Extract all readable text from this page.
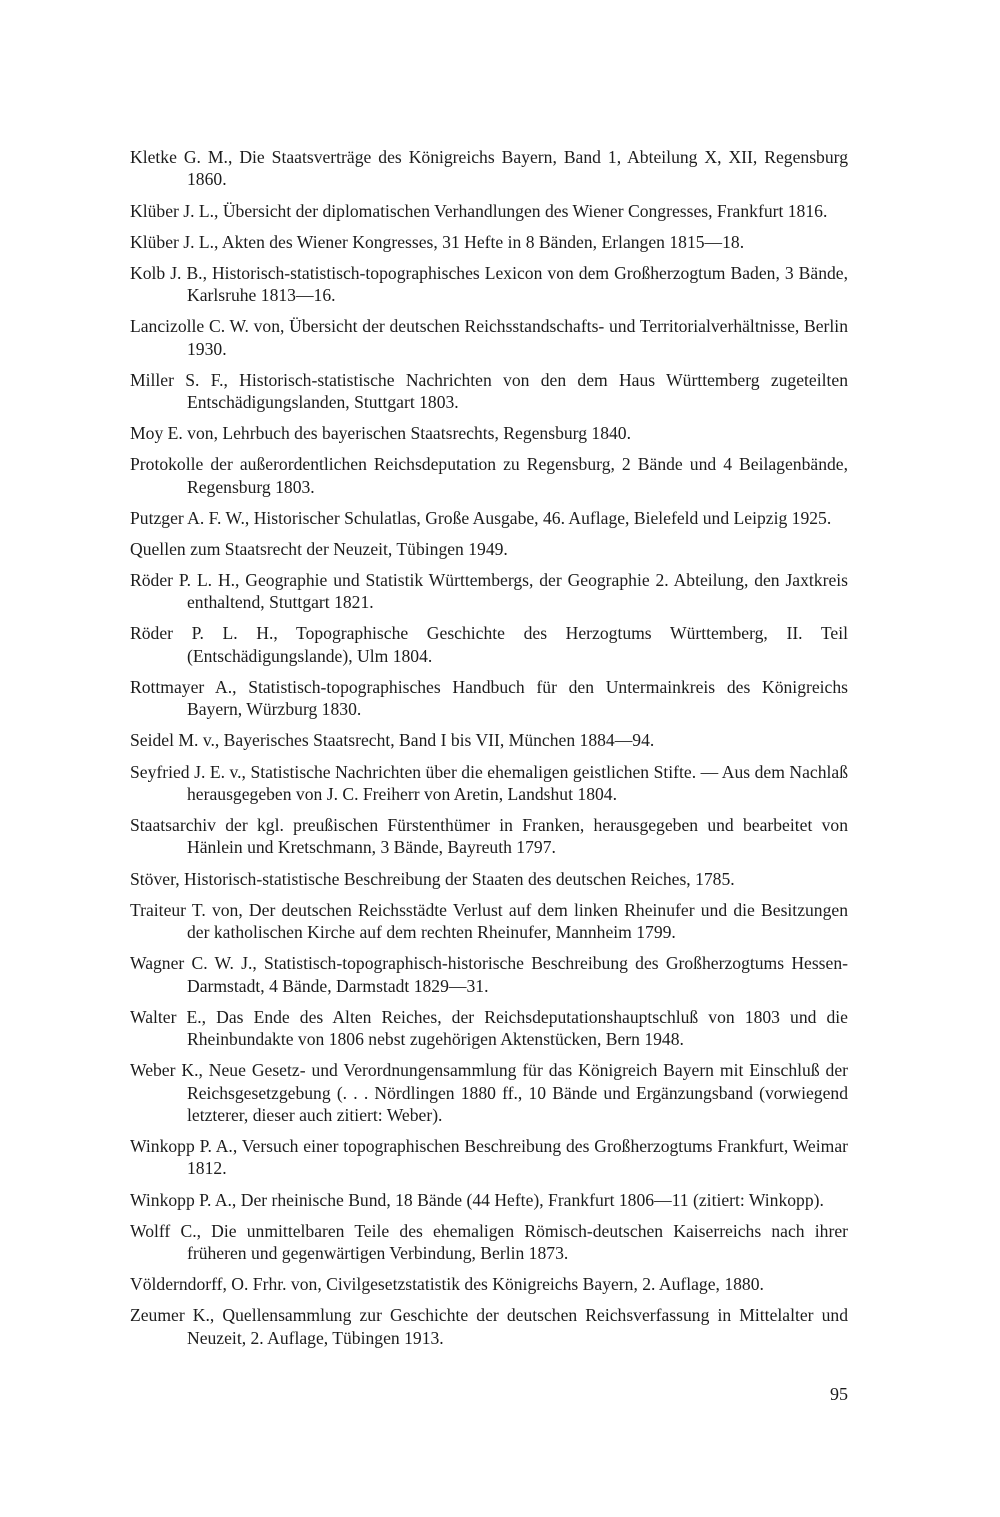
Kletke G. M., Die Staatsverträge des Königreichs Bayern, Band 1, Abteilung X, XII, Regensburg 1860.
Klüber J. L., Übersicht der diplomatischen Verhandlungen des Wiener Congresses, Frankfurt 1816.
Klüber J. L., Akten des Wiener Kongresses, 31 Hefte in 8 Bänden, Erlangen 1815—18.
Kolb J. B., Historisch-statistisch-topographisches Lexicon von dem Großherzogtum Baden, 3 Bände, Karlsruhe 1813—16.
Lancizolle C. W. von, Übersicht der deutschen Reichsstandschafts- und Territorialverhältnisse, Berlin 1930.
Miller S. F., Historisch-statistische Nachrichten von den dem Haus Württemberg zugeteilten Entschädigungslanden, Stuttgart 1803.
Moy E. von, Lehrbuch des bayerischen Staatsrechts, Regensburg 1840.
Protokolle der außerordentlichen Reichsdeputation zu Regensburg, 2 Bände und 4 Beilagenbände, Regensburg 1803.
Putzger A. F. W., Historischer Schulatlas, Große Ausgabe, 46. Auflage, Bielefeld und Leipzig 1925.
Quellen zum Staatsrecht der Neuzeit, Tübingen 1949.
Röder P. L. H., Geographie und Statistik Württembergs, der Geographie 2. Abteilung, den Jaxtkreis enthaltend, Stuttgart 1821.
Röder P. L. H., Topographische Geschichte des Herzogtums Württemberg, II. Teil (Entschädigungslande), Ulm 1804.
Rottmayer A., Statistisch-topographisches Handbuch für den Untermainkreis des Königreichs Bayern, Würzburg 1830.
Seidel M. v., Bayerisches Staatsrecht, Band I bis VII, München 1884—94.
Seyfried J. E. v., Statistische Nachrichten über die ehemaligen geistlichen Stifte. — Aus dem Nachlaß herausgegeben von J. C. Freiherr von Aretin, Landshut 1804.
Staatsarchiv der kgl. preußischen Fürstenthümer in Franken, herausgegeben und bearbeitet von Hänlein und Kretschmann, 3 Bände, Bayreuth 1797.
Stöver, Historisch-statistische Beschreibung der Staaten des deutschen Reiches, 1785.
Traiteur T. von, Der deutschen Reichsstädte Verlust auf dem linken Rheinufer und die Besitzungen der katholischen Kirche auf dem rechten Rheinufer, Mannheim 1799.
Wagner C. W. J., Statistisch-topographisch-historische Beschreibung des Großherzogtums Hessen-Darmstadt, 4 Bände, Darmstadt 1829—31.
Walter E., Das Ende des Alten Reiches, der Reichsdeputationshauptschluß von 1803 und die Rheinbundakte von 1806 nebst zugehörigen Aktenstücken, Bern 1948.
Weber K., Neue Gesetz- und Verordnungensammlung für das Königreich Bayern mit Einschluß der Reichsgesetzgebung (. . . Nördlingen 1880 ff., 10 Bände und Ergänzungsband (vorwiegend letzterer, dieser auch zitiert: Weber).
Winkopp P. A., Versuch einer topographischen Beschreibung des Großherzogtums Frankfurt, Weimar 1812.
Winkopp P. A., Der rheinische Bund, 18 Bände (44 Hefte), Frankfurt 1806—11 (zitiert: Winkopp).
Wolff C., Die unmittelbaren Teile des ehemaligen Römisch-deutschen Kaiserreichs nach ihrer früheren und gegenwärtigen Verbindung, Berlin 1873.
Völderndorff, O. Frhr. von, Civilgesetzstatistik des Königreichs Bayern, 2. Auflage, 1880.
Zeumer K., Quellensammlung zur Geschichte der deutschen Reichsverfassung in Mittelalter und Neuzeit, 2. Auflage, Tübingen 1913.
95
